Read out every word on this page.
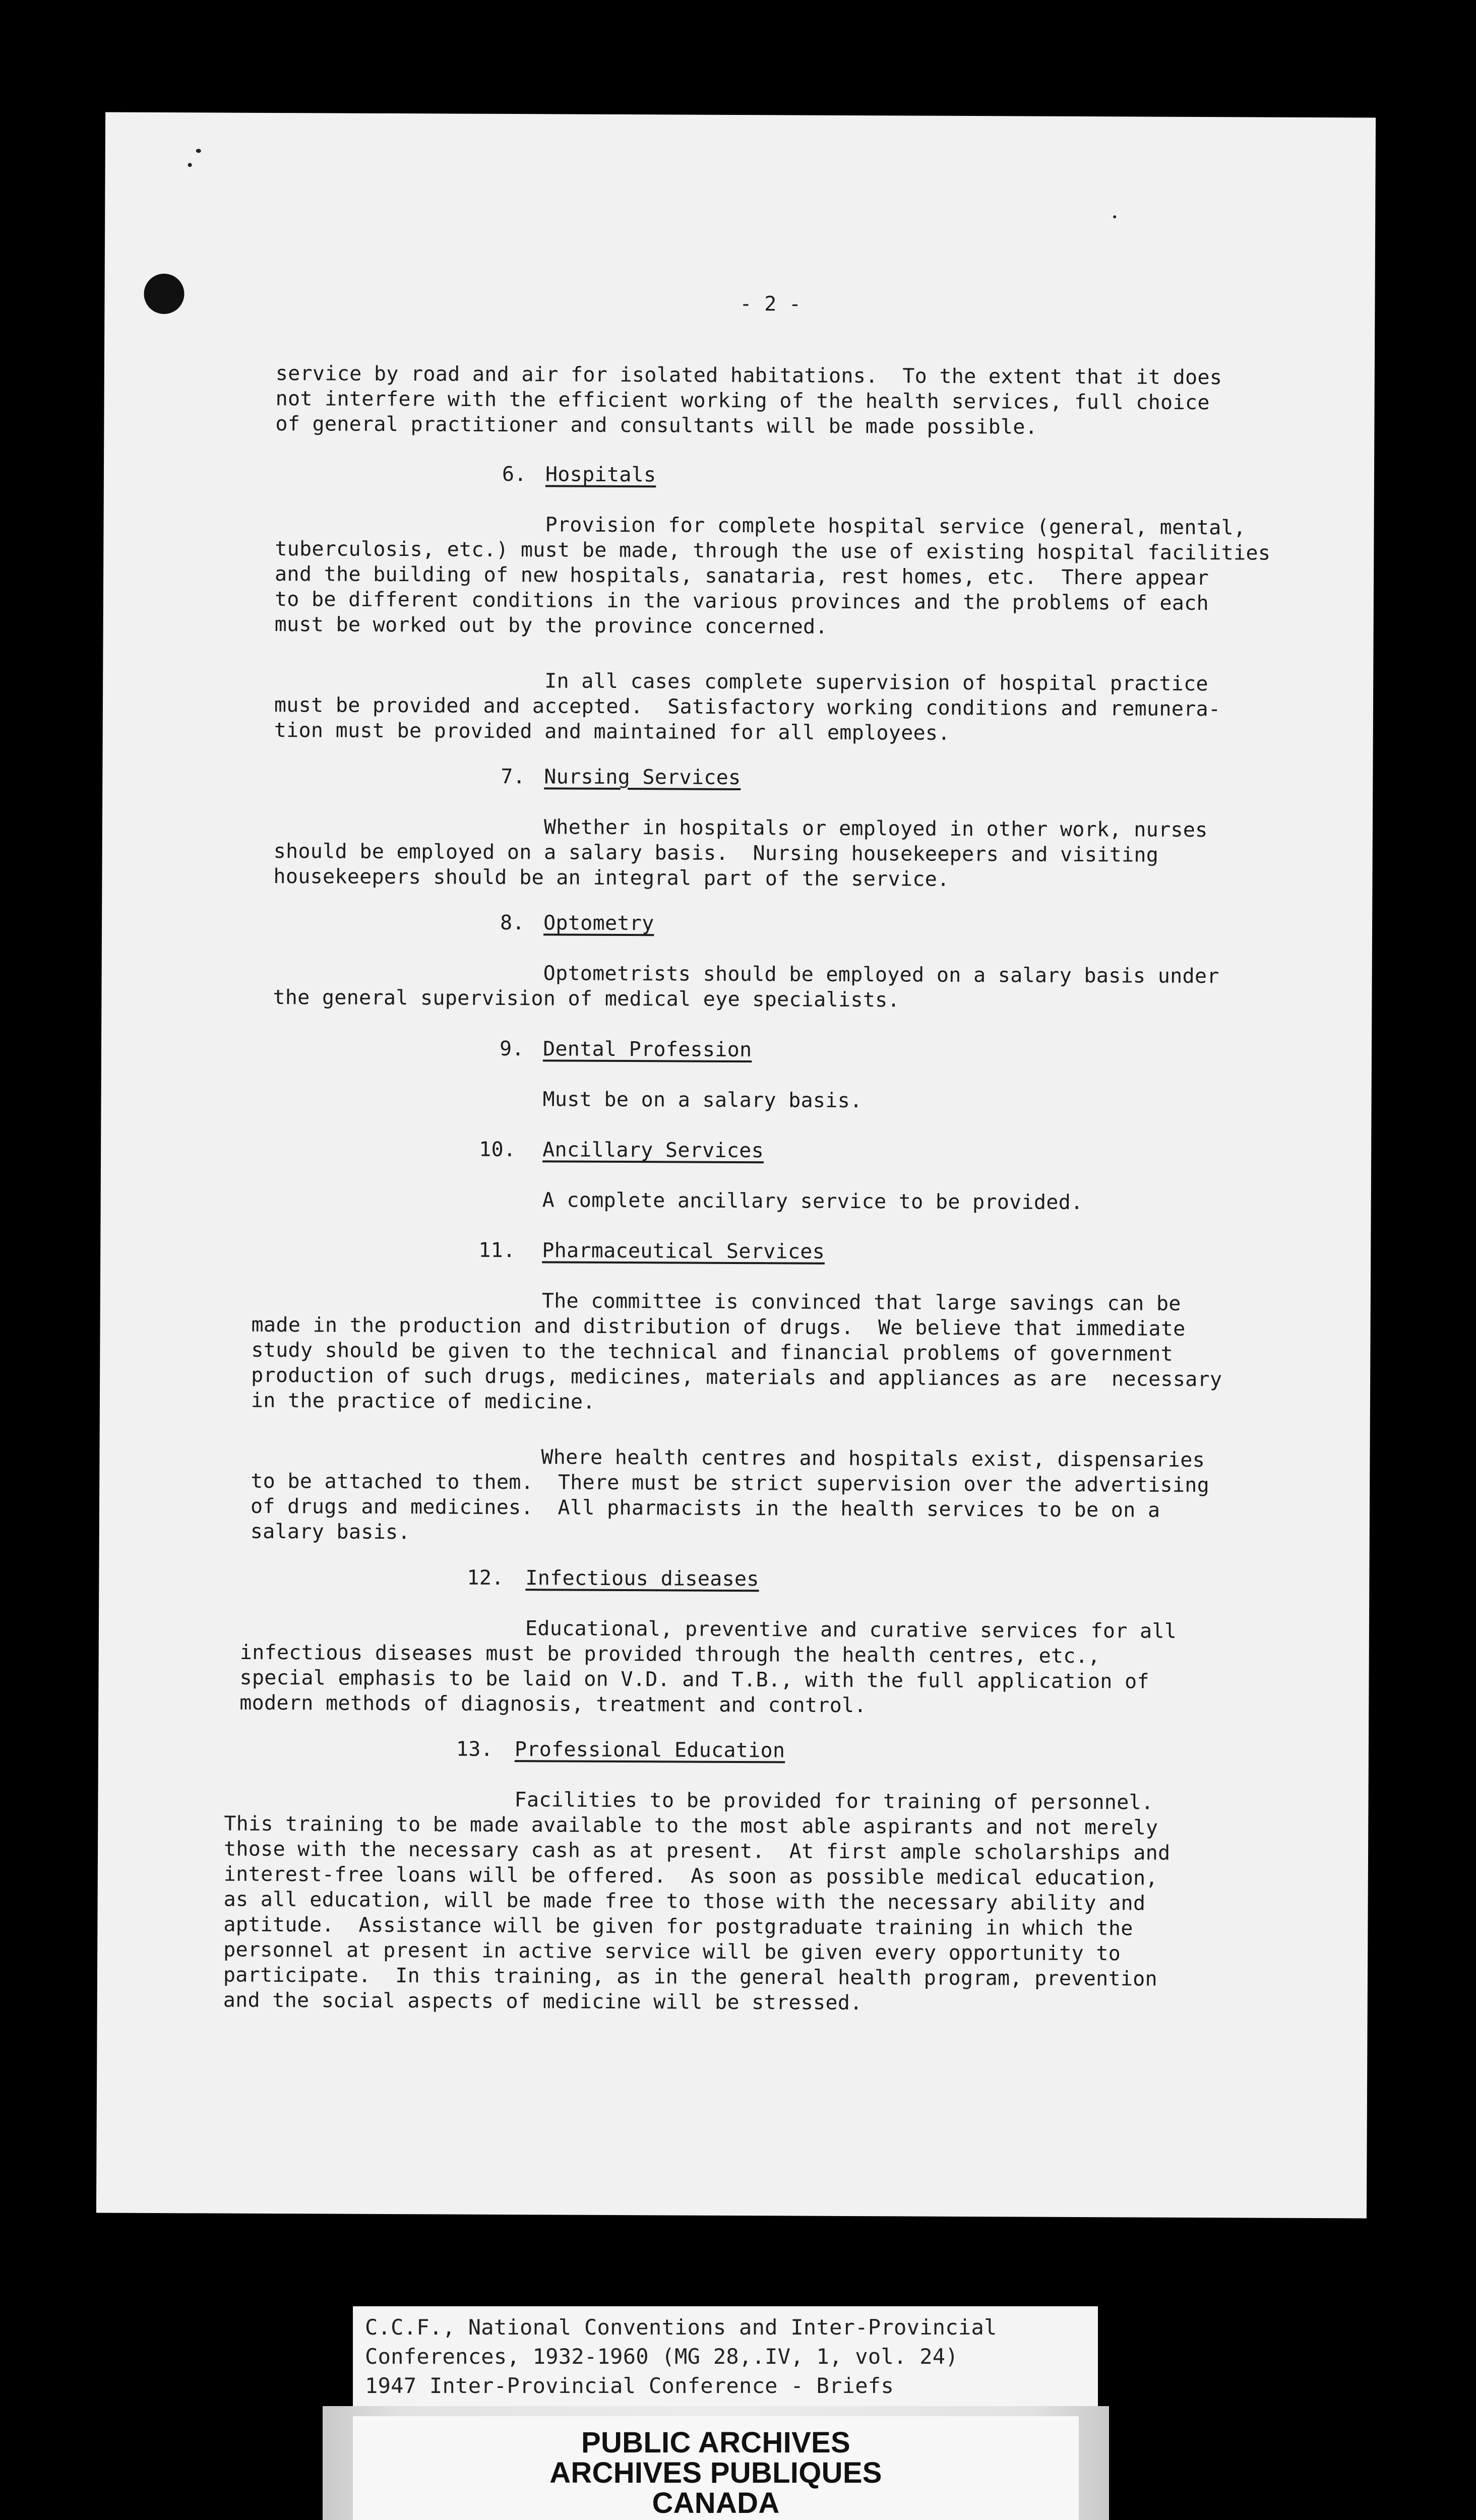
- 2 -
service by road and air for isolated habitations.  To the extent that it does
not interfere with the efficient working of the health services, full choice
of general practitioner and consultants will be made possible.
6. Hospitals
Provision for complete hospital service (general, mental,
tuberculosis, etc.) must be made, through the use of existing hospital facilities
and the building of new hospitals, sanataria, rest homes, etc.  There appear
to be different conditions in the various provinces and the problems of each
must be worked out by the province concerned.
In all cases complete supervision of hospital practice
must be provided and accepted.  Satisfactory working conditions and remunera-
tion must be provided and maintained for all employees.
7. Nursing Services
Whether in hospitals or employed in other work, nurses
should be employed on a salary basis.  Nursing housekeepers and visiting
housekeepers should be an integral part of the service.
8. Optometry
Optometrists should be employed on a salary basis under
the general supervision of medical eye specialists.
9. Dental Profession
Must be on a salary basis.
10. Ancillary Services
A complete ancillary service to be provided.
11. Pharmaceutical Services
The committee is convinced that large savings can be
made in the production and distribution of drugs.  We believe that immediate
study should be given to the technical and financial problems of government
production of such drugs, medicines, materials and appliances as are  necessary
in the practice of medicine.
Where health centres and hospitals exist, dispensaries
to be attached to them.  There must be strict supervision over the advertising
of drugs and medicines.  All pharmacists in the health services to be on a
salary basis.
12. Infectious diseases
Educational, preventive and curative services for all
infectious diseases must be provided through the health centres, etc.,
special emphasis to be laid on V.D. and T.B., with the full application of
modern methods of diagnosis, treatment and control.
13. Professional Education
Facilities to be provided for training of personnel.
This training to be made available to the most able aspirants and not merely
those with the necessary cash as at present.  At first ample scholarships and
interest-free loans will be offered.  As soon as possible medical education,
as all education, will be made free to those with the necessary ability and
aptitude.  Assistance will be given for postgraduate training in which the
personnel at present in active service will be given every opportunity to
participate.  In this training, as in the general health program, prevention
and the social aspects of medicine will be stressed.
C.C.F., National Conventions and Inter-Provincial
Conferences, 1932-1960 (MG 28,.IV, 1, vol. 24)
1947 Inter-Provincial Conference - Briefs
PUBLIC ARCHIVES
ARCHIVES PUBLIQUES
CANADA
